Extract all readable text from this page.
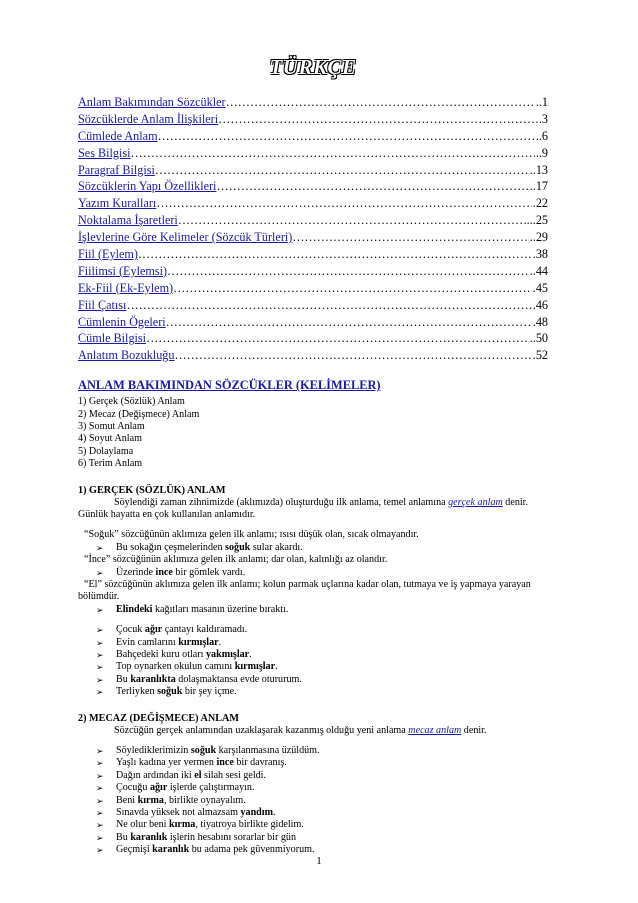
TÜRKÇE
Anlam Bakımından Sözcükler …………………………………………………………………………………………………………………………	..1
Sözcüklerde Anlam İlişkileri …………………………………………………………………………………………………………………………	.3
Cümlede Anlam …………………………………………………………………………………………………………………………	.6
Ses Bilgisi …………………………………………………………………………………………………………………………	..9
Paragraf Bilgisi …………………………………………………………………………………………………………………………	..13
Sözcüklerin Yapı Özellikleri …………………………………………………………………………………………………………………………	..17
Yazım Kuralları …………………………………………………………………………………………………………………………	.22
Noktalama İşaretleri …………………………………………………………………………………………………………………………	...25
İşlevlerine Göre Kelimeler (Sözcük Türleri) …………………………………………………………………………………………………………………………	..29
Fiil (Eylem) …………………………………………………………………………………………………………………………	.38
Fiilimsi (Eylemsi) …………………………………………………………………………………………………………………………	..44
Ek-Fiil (Ek-Eylem) …………………………………………………………………………………………………………………………	.45
Fiil Çatısı …………………………………………………………………………………………………………………………	.46
Cümlenin Ögeleri …………………………………………………………………………………………………………………………	.48
Cümle Bilgisi …………………………………………………………………………………………………………………………	..50
Anlatım Bozukluğu …………………………………………………………………………………………………………………………	.52
ANLAM BAKIMINDAN SÖZCÜKLER (KELİMELER)
1) Gerçek (Sözlük) Anlam
2) Mecaz (Değişmece) Anlam
3) Somut Anlam
4) Soyut Anlam
5) Dolaylama
6) Terim Anlam
1) GERÇEK (SÖZLÜK) ANLAM
Söylendiği zaman zihnimizde (aklımızda) oluşturduğu ilk anlama, temel anlamına gerçek anlam denir.
Günlük hayatta en çok kullanılan anlamıdır.
“Soğuk” sözcüğünün aklımıza gelen ilk anlamı; ısısı düşük olan, sıcak olmayandır.
➢	Bu sokağın çeşmelerinden soğuk sular akardı.
“İnce” sözcüğünün aklımıza gelen ilk anlamı; dar olan, kalınlığı az olandır.
➢	Üzerinde ince bir gömlek vardı.
“El” sözcüğünün aklımıza gelen ilk anlamı; kolun parmak uçlarına kadar olan, tutmaya ve iş yapmaya yarayan
bölümdür.
➢	Elindeki kağıtları masanın üzerine bıraktı.
➢	Çocuk ağır çantayı kaldıramadı.
➢	Evin camlarını kırmışlar.
➢	Bahçedeki kuru otları yakmışlar.
➢	Top oynarken okulun camını kırmışlar.
➢	Bu karanlıkta dolaşmaktansa evde otururum.
➢	Terliyken soğuk bir şey içme.
2) MECAZ (DEĞİŞMECE) ANLAM
Sözcüğün gerçek anlamından uzaklaşarak kazanmış olduğu yeni anlama mecaz anlam denir.
➢	Söylediklerimizin soğuk karşılanmasına üzüldüm.
➢	Yaşlı kadına yer vermen ince bir davranış.
➢	Dağın ardından iki el silah sesi geldi.
➢	Çocuğu ağır işlerde çalıştırmayın.
➢	Beni kırma, birlikte oynayalım.
➢	Sınavda yüksek not almazsam yandım.
➢	Ne olur beni kırma, tiyatroya birlikte gidelim.
➢	Bu karanlık işlerin hesabını sorarlar bir gün
➢	Geçmişi karanlık bu adama pek güvenmiyorum.
1
